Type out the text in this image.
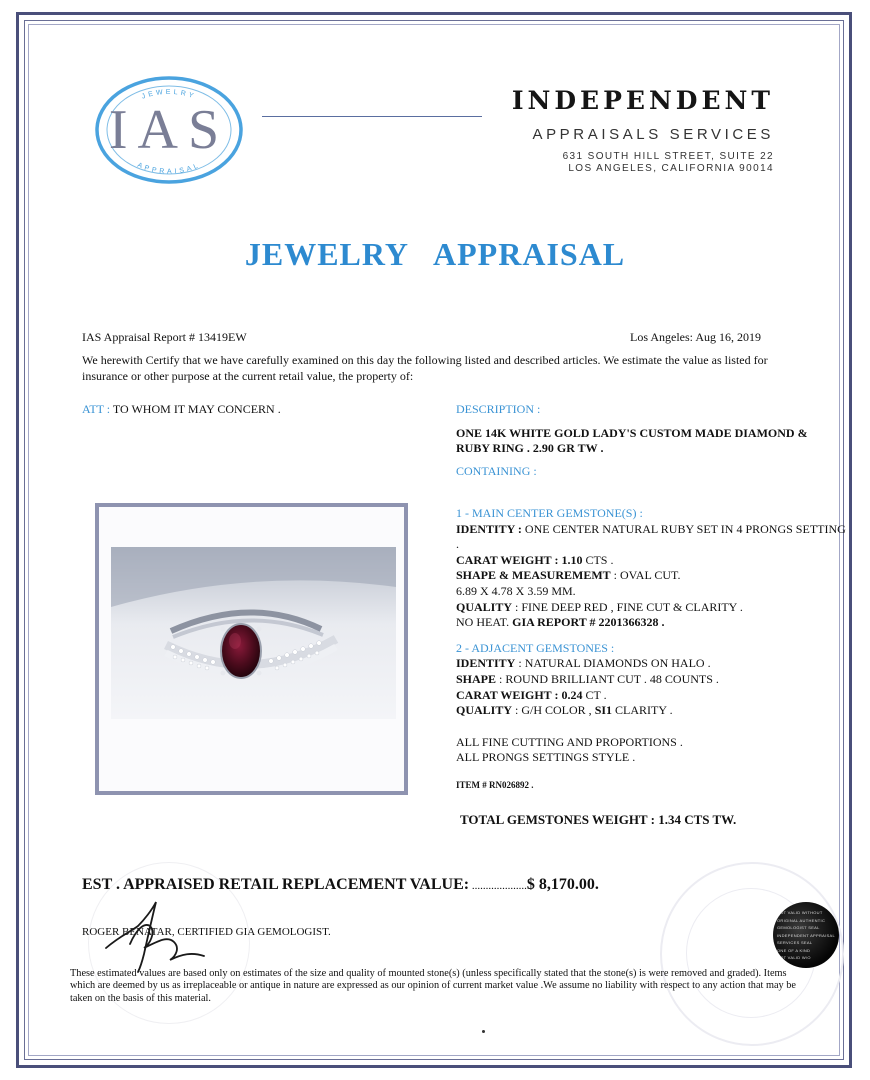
IAS
JEWELRY
APPRAISAL
INDEPENDENT
APPRAISALS SERVICES
631 SOUTH HILL STREET, SUITE 22
LOS ANGELES, CALIFORNIA 90014
JEWELRY APPRAISAL
IAS Appraisal Report # 13419EW	Los Angeles: Aug 16, 2019
We herewith Certify that we have carefully examined on this day the following listed and described articles. We estimate the value as listed for insurance or other purpose at the current retail value, the property of:
ATT : TO WHOM IT MAY CONCERN .	DESCRIPTION :
ONE 14K WHITE GOLD LADY'S CUSTOM MADE DIAMOND & RUBY RING . 2.90 GR TW .
CONTAINING :
1 - MAIN CENTER GEMSTONE(S) :
IDENTITY : ONE CENTER NATURAL RUBY SET IN 4 PRONGS SETTING .
CARAT WEIGHT : 1.10 CTS .
SHAPE & MEASUREMEMT : OVAL CUT.
6.89 X 4.78 X 3.59 MM.
QUALITY : FINE DEEP RED , FINE CUT & CLARITY .
NO HEAT. GIA REPORT # 2201366328 .
2 - ADJACENT GEMSTONES :
IDENTITY : NATURAL DIAMONDS ON HALO .
SHAPE : ROUND BRILLIANT CUT . 48 COUNTS .
CARAT WEIGHT : 0.24 CT .
QUALITY : G/H COLOR , SI1 CLARITY .
ALL FINE CUTTING AND PROPORTIONS .
ALL PRONGS SETTINGS STYLE .
ITEM # RN026892 .
TOTAL GEMSTONES WEIGHT : 1.34 CTS TW.
EST . APPRAISED RETAIL REPLACEMENT VALUE: ....................$ 8,170.00.
ROGER BENATAR, CERTIFIED GIA GEMOLOGIST.
NOT VALID WITHOUT
ORIGINAL AUTHENTIC
GEMOLOGIST SEAL
INDEPENDENT APPRAISAL
SERVICES SEAL
ONE OF A KIND
NOT VALID W/O
These estimated values are based only on estimates of the size and quality of mounted stone(s) (unless specifically stated that the stone(s) is were removed and graded). Items which are deemed by us as irreplaceable or antique in nature are expressed as our opinion of current market value .We assume no liability with respect to any action that may be taken on the basis of this material.
